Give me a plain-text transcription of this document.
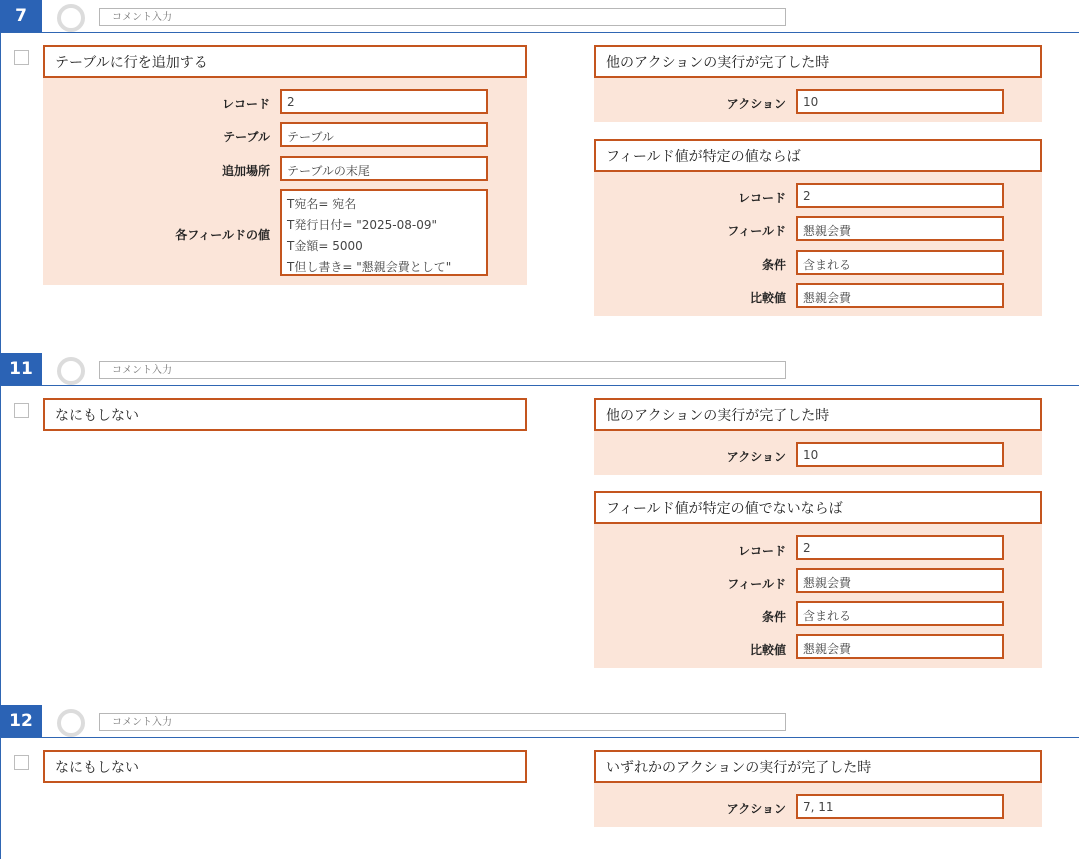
7	コメント入力
テーブルに行を追加する
レコード	2
テーブル	テーブル
追加場所	テーブルの末尾
各フィールドの値
T宛名= 宛名
T発行日付= "2025-08-09"
T金額= 5000
T但し書き= "懇親会費として"
他のアクションの実行が完了した時
アクション	10
フィールド値が特定の値ならば
レコード	2
フィールド	懇親会費
条件	含まれる
比較値	懇親会費
11	コメント入力
なにもしない	他のアクションの実行が完了した時
アクション	10
フィールド値が特定の値でないならば
レコード	2
フィールド	懇親会費
条件	含まれる
比較値	懇親会費
12	コメント入力
なにもしない	いずれかのアクションの実行が完了した時
アクション	7, 11
